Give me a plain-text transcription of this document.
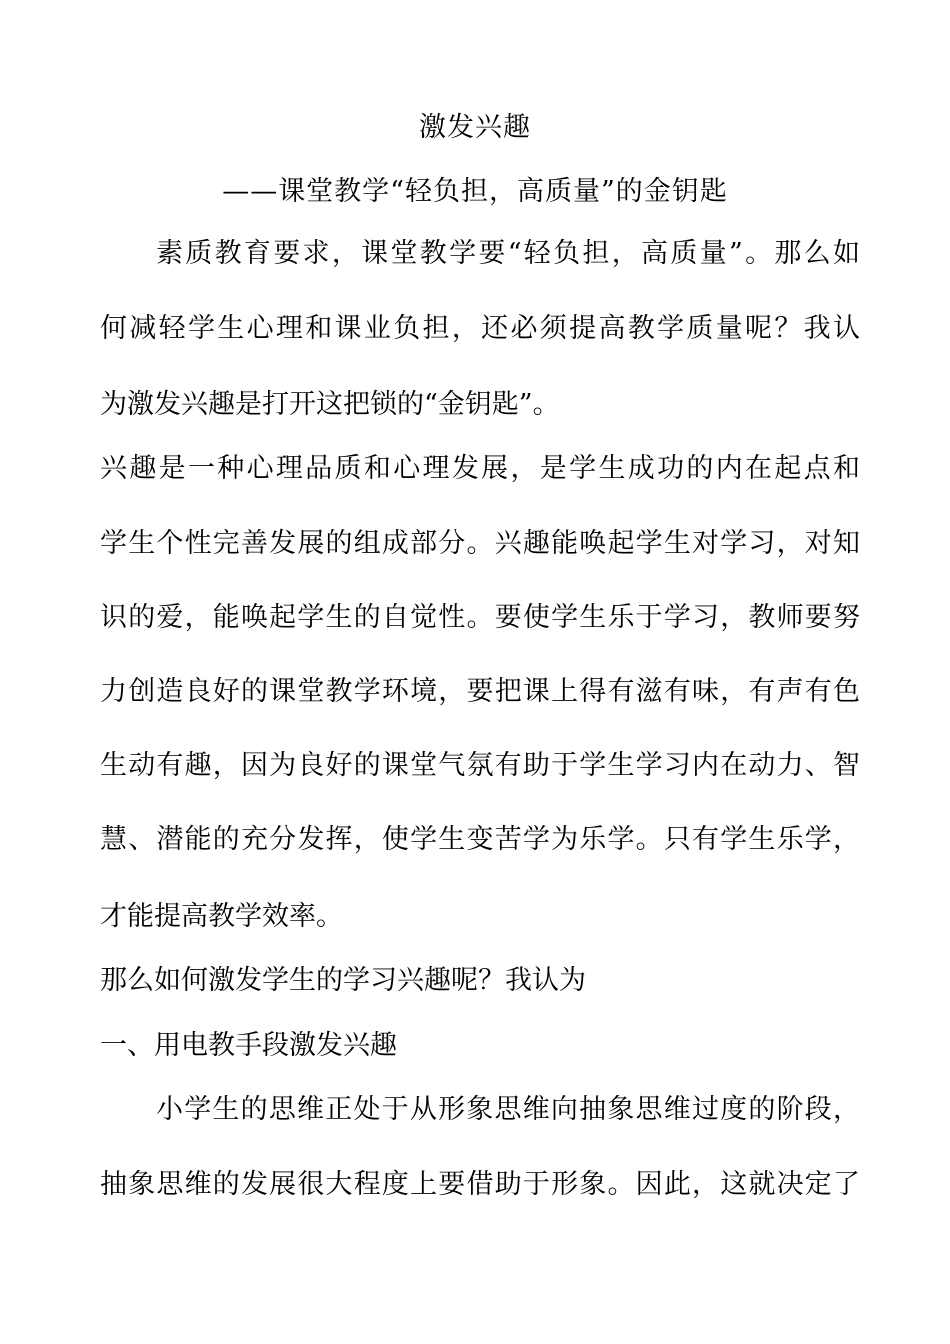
激发兴趣
——课堂教学“轻负担，高质量”的金钥匙
素质教育要求，课堂教学要“轻负担，高质量”。那么如
何减轻学生心理和课业负担，还必须提高教学质量呢？我认
为激发兴趣是打开这把锁的“金钥匙”。
兴趣是一种心理品质和心理发展，是学生成功的内在起点和
学生个性完善发展的组成部分。兴趣能唤起学生对学习，对知
识的爱，能唤起学生的自觉性。要使学生乐于学习，教师要努
力创造良好的课堂教学环境，要把课上得有滋有味，有声有色
生动有趣，因为良好的课堂气氛有助于学生学习内在动力、智
慧、潜能的充分发挥，使学生变苦学为乐学。只有学生乐学，
才能提高教学效率。
那么如何激发学生的学习兴趣呢？我认为
一、用电教手段激发兴趣
小学生的思维正处于从形象思维向抽象思维过度的阶段，
抽象思维的发展很大程度上要借助于形象。因此，这就决定了
